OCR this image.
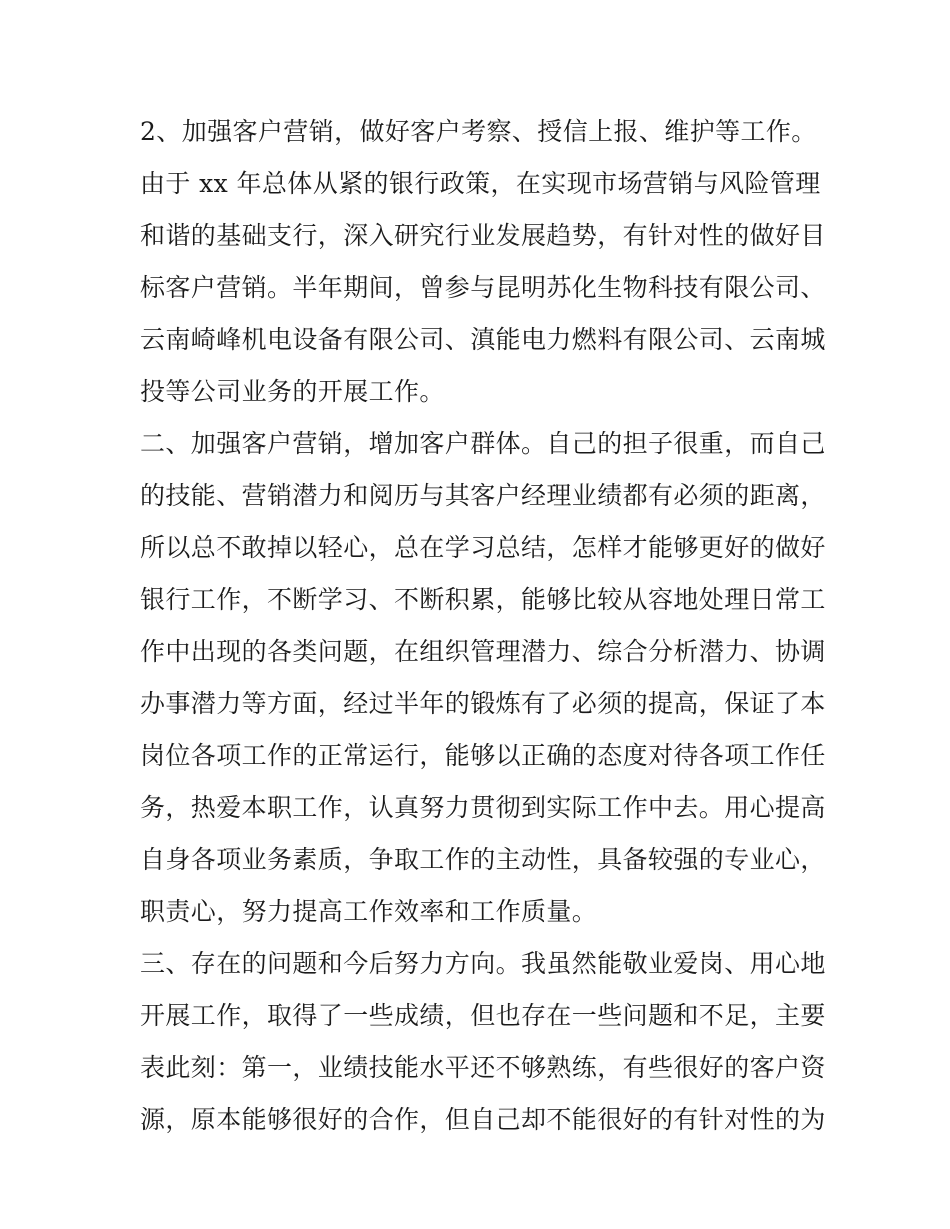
2、加强客户营销，做好客户考察、授信上报、维护等工作。
由于 xx 年总体从紧的银行政策，在实现市场营销与风险管理
和谐的基础支行，深入研究行业发展趋势，有针对性的做好目
标客户营销。半年期间，曾参与昆明苏化生物科技有限公司、
云南崎峰机电设备有限公司、滇能电力燃料有限公司、云南城
投等公司业务的开展工作。
二、加强客户营销，增加客户群体。自己的担子很重，而自己
的技能、营销潜力和阅历与其客户经理业绩都有必须的距离，
所以总不敢掉以轻心，总在学习总结，怎样才能够更好的做好
银行工作，不断学习、不断积累，能够比较从容地处理日常工
作中出现的各类问题，在组织管理潜力、综合分析潜力、协调
办事潜力等方面，经过半年的锻炼有了必须的提高，保证了本
岗位各项工作的正常运行，能够以正确的态度对待各项工作任
务，热爱本职工作，认真努力贯彻到实际工作中去。用心提高
自身各项业务素质，争取工作的主动性，具备较强的专业心，
职责心，努力提高工作效率和工作质量。
三、存在的问题和今后努力方向。我虽然能敬业爱岗、用心地
开展工作，取得了一些成绩，但也存在一些问题和不足，主要
表此刻：第一，业绩技能水平还不够熟练，有些很好的客户资
源，原本能够很好的合作，但自己却不能很好的有针对性的为
